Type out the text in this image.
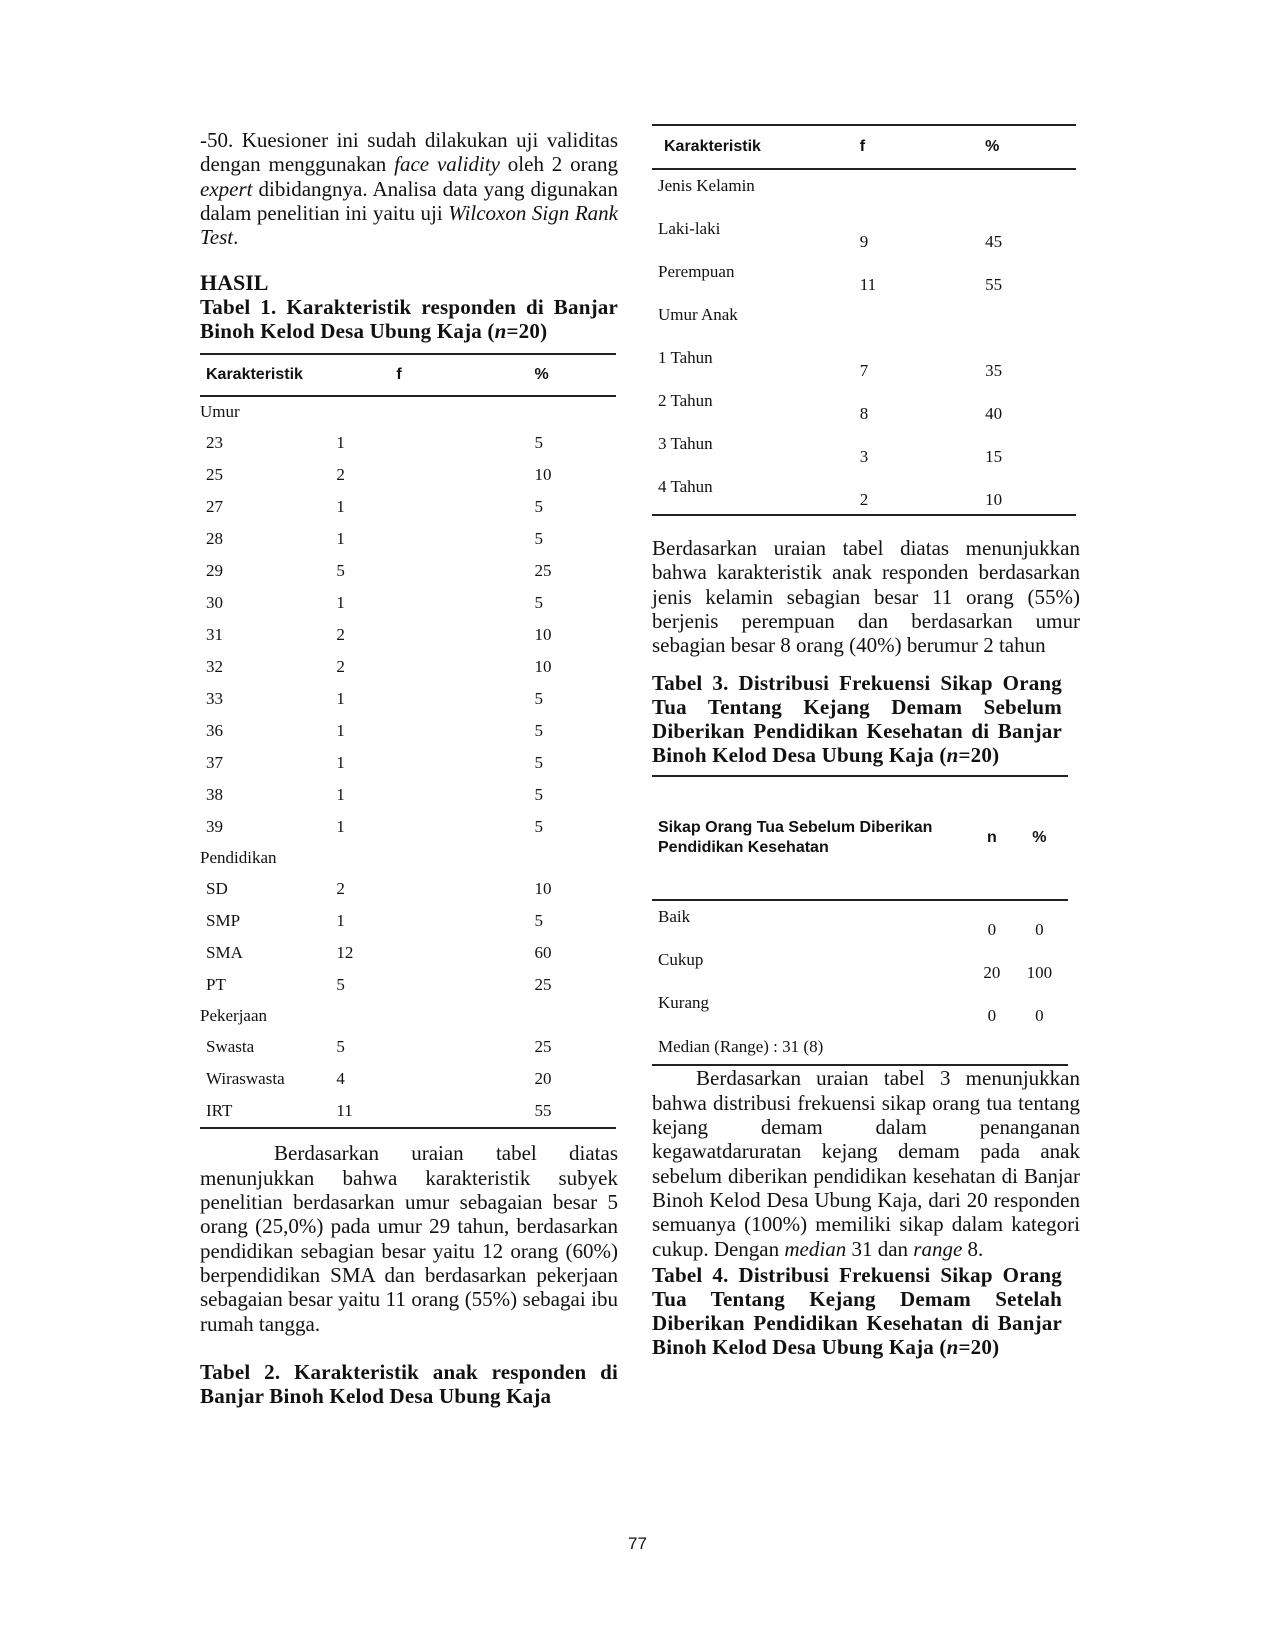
-50. Kuesioner ini sudah dilakukan uji validitas dengan menggunakan face validity oleh 2 orang expert dibidangnya. Analisa data yang digunakan dalam penelitian ini yaitu uji Wilcoxon Sign Rank Test.

HASIL

Tabel 1. Karakteristik responden di Banjar Binoh Kelod Desa Ubung Kaja (n=20)

Karakteristik	f	%
Umur		
23	1	5
25	2	10
27	1	5
28	1	5
29	5	25
30	1	5
31	2	10
32	2	10
33	1	5
36	1	5
37	1	5
38	1	5
39	1	5
Pendidikan		
SD	2	10
SMP	1	5
SMA	12	60
PT	5	25
Pekerjaan		
Swasta	5	25
Wiraswasta	4	20
IRT	11	55

Berdasarkan uraian tabel diatas menunjukkan bahwa karakteristik subyek penelitian berdasarkan umur sebagaian besar 5 orang (25,0%) pada umur 29 tahun, berdasarkan pendidikan sebagian besar yaitu 12 orang (60%) berpendidikan SMA dan berdasarkan pekerjaan sebagaian besar yaitu 11 orang (55%) sebagai ibu rumah tangga.

Tabel 2. Karakteristik anak responden di Banjar Binoh Kelod Desa Ubung Kaja

Karakteristik	f	%
Jenis Kelamin		
Laki-laki	9	45
Perempuan	11	55
Umur Anak		
1 Tahun	7	35
2 Tahun	8	40
3 Tahun	3	15
4 Tahun	2	10

Berdasarkan uraian tabel diatas menunjukkan bahwa karakteristik anak responden berdasarkan jenis kelamin sebagian besar 11 orang (55%) berjenis perempuan dan berdasarkan umur sebagian besar 8 orang (40%) berumur 2 tahun

Tabel 3. Distribusi Frekuensi Sikap Orang Tua Tentang Kejang Demam Sebelum Diberikan Pendidikan Kesehatan di Banjar Binoh Kelod Desa Ubung Kaja (n=20)

Sikap Orang Tua Sebelum Diberikan Pendidikan Kesehatan	n	%
Baik	0	0
Cukup	20	100
Kurang	0	0
Median (Range) : 31 (8)		

Berdasarkan uraian tabel 3 menunjukkan bahwa distribusi frekuensi sikap orang tua tentang kejang demam dalam penanganan kegawatdaruratan kejang demam pada anak sebelum diberikan pendidikan kesehatan di Banjar Binoh Kelod Desa Ubung Kaja, dari 20 responden semuanya (100%) memiliki sikap dalam kategori cukup. Dengan median 31 dan range 8.

Tabel 4. Distribusi Frekuensi Sikap Orang Tua Tentang Kejang Demam Setelah Diberikan Pendidikan Kesehatan di Banjar Binoh Kelod Desa Ubung Kaja (n=20)

77
